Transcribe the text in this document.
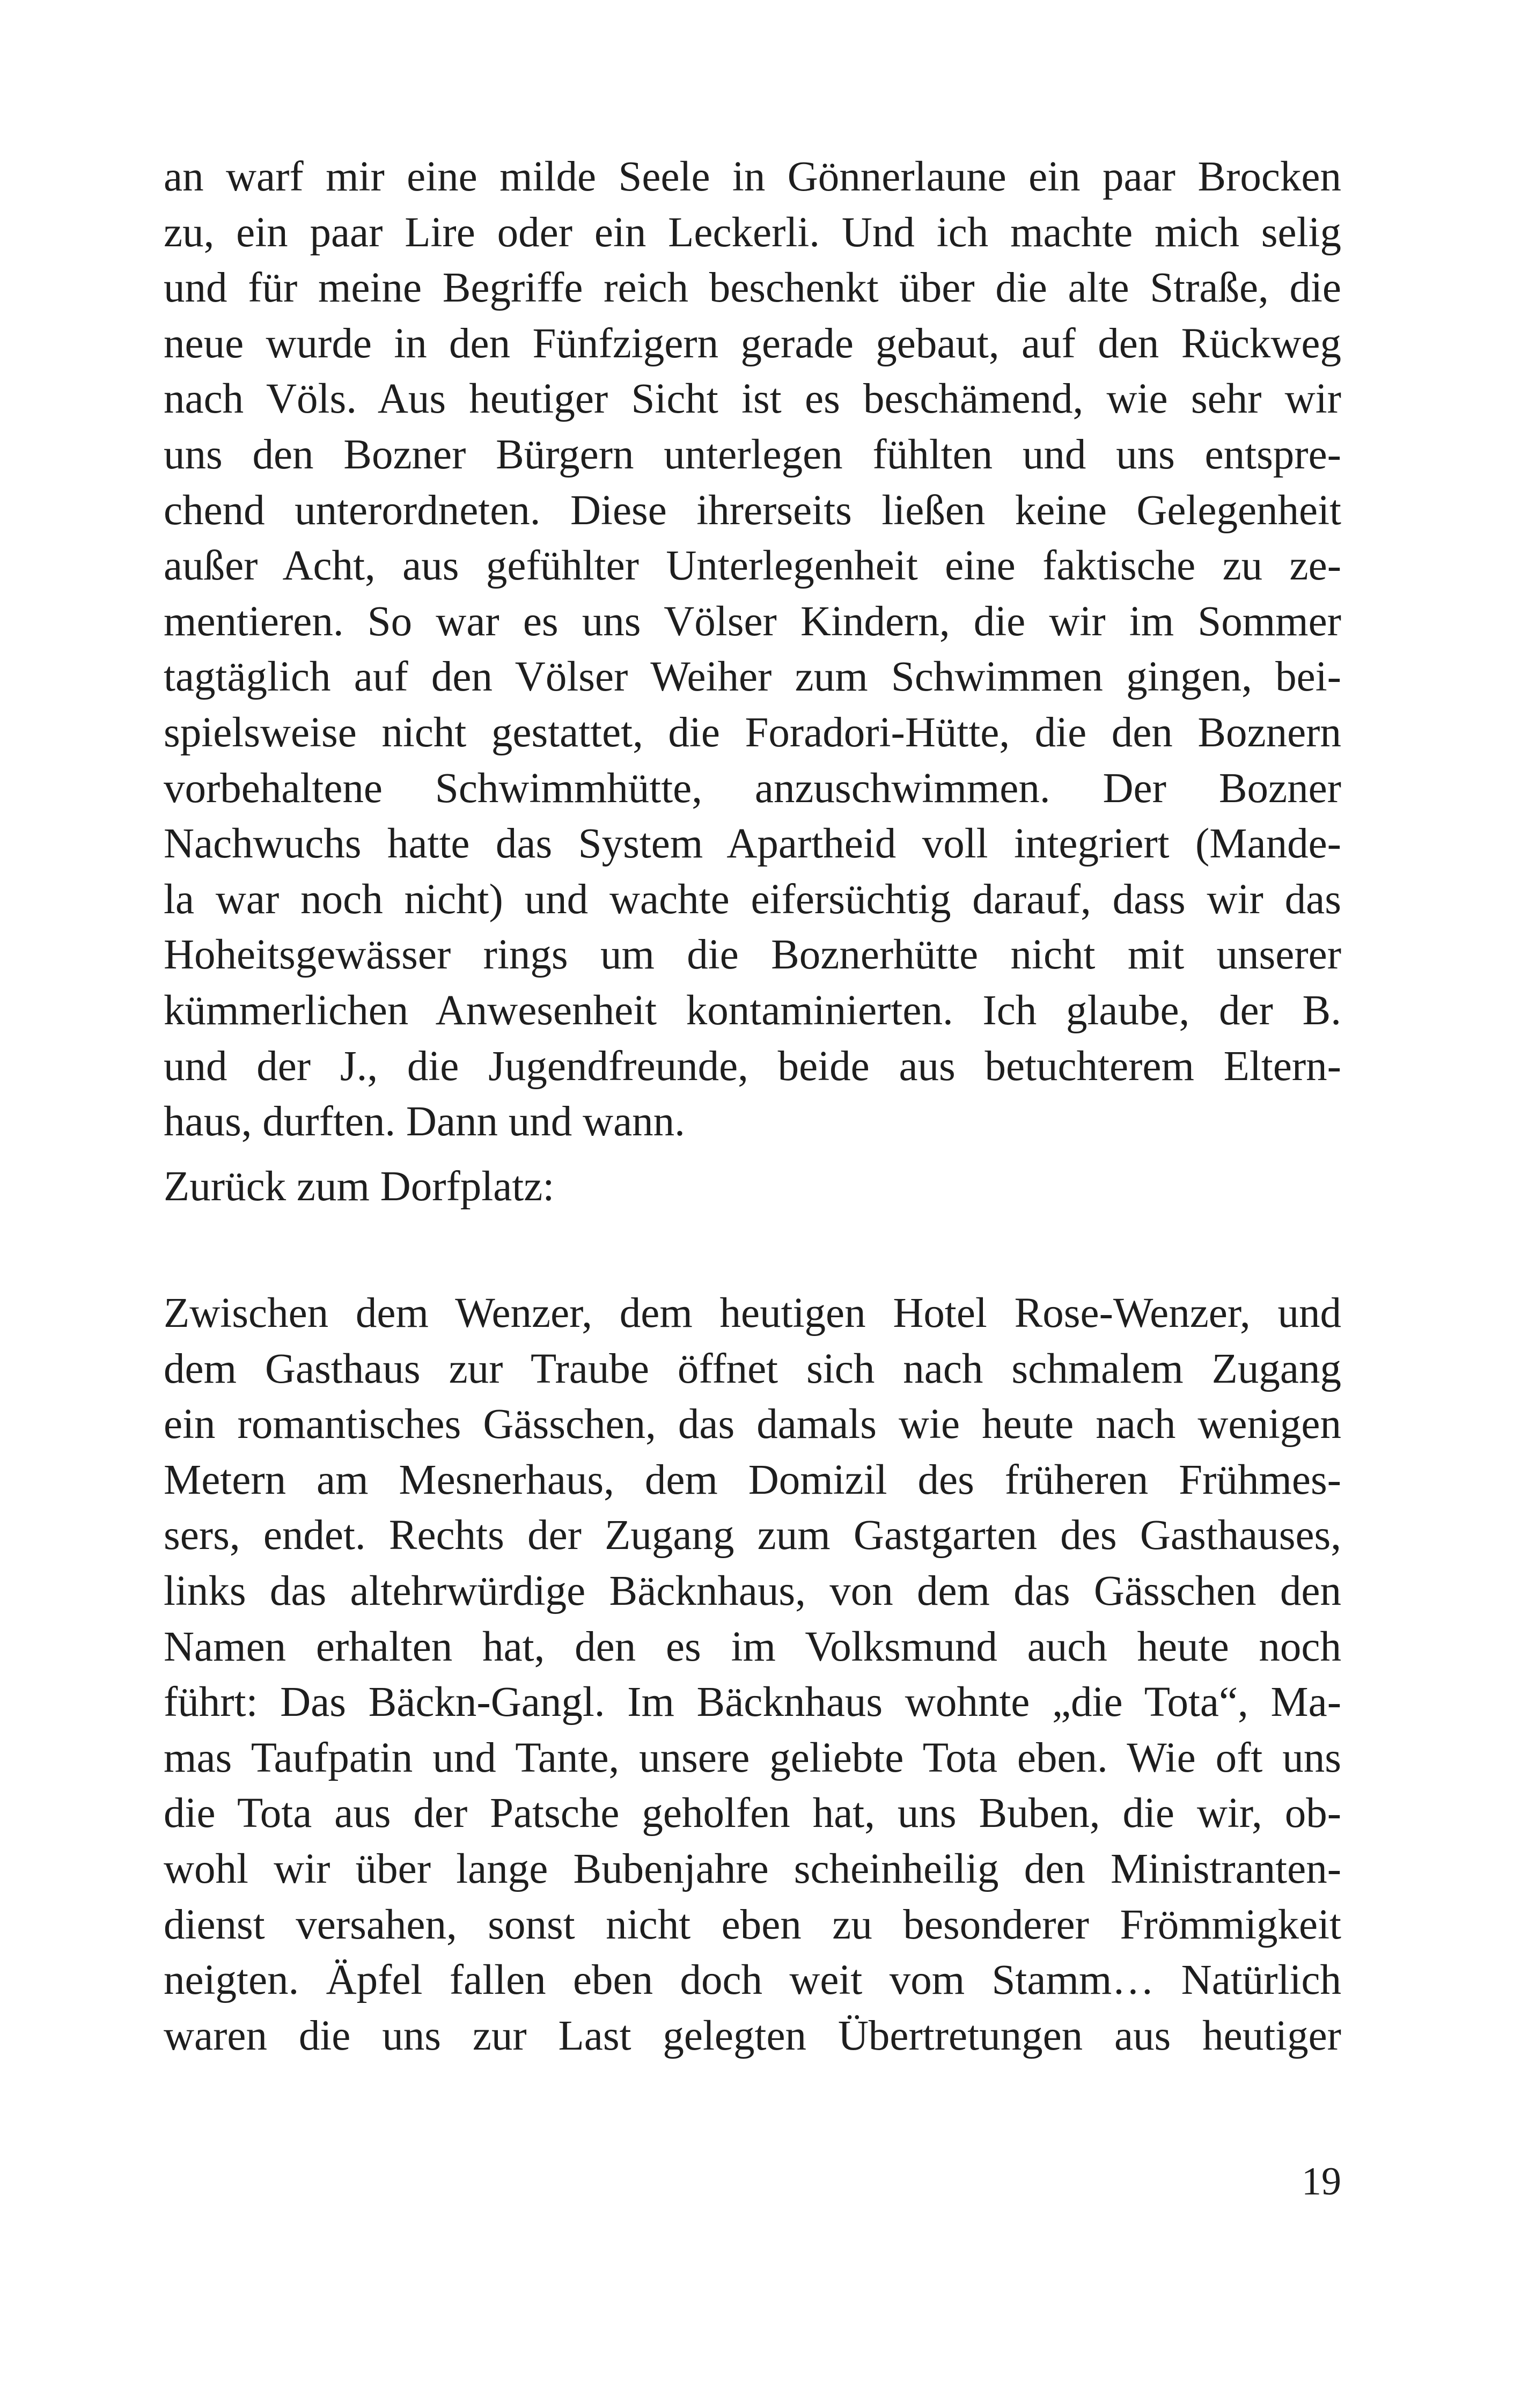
an warf mir eine milde Seele in Gönnerlaune ein paar Brocken
zu, ein paar Lire oder ein Leckerli. Und ich machte mich selig
und für meine Begriffe reich beschenkt über die alte Straße, die
neue wurde in den Fünfzigern gerade gebaut, auf den Rückweg
nach Völs. Aus heutiger Sicht ist es beschämend, wie sehr wir
uns den Bozner Bürgern unterlegen fühlten und uns entspre-
chend unterordneten. Diese ihrerseits ließen keine Gelegenheit
außer Acht, aus gefühlter Unterlegenheit eine faktische zu ze-
mentieren. So war es uns Völser Kindern, die wir im Sommer
tagtäglich auf den Völser Weiher zum Schwimmen gingen, bei-
spielsweise nicht gestattet, die Foradori-Hütte, die den Boznern
vorbehaltene Schwimmhütte, anzuschwimmen. Der Bozner
Nachwuchs hatte das System Apartheid voll integriert (Mande-
la war noch nicht) und wachte eifersüchtig darauf, dass wir das
Hoheitsgewässer rings um die Boznerhütte nicht mit unserer
kümmerlichen Anwesenheit kontaminierten. Ich glaube, der B.
und der J., die Jugendfreunde, beide aus betuchterem Eltern-
haus, durften. Dann und wann.
Zurück zum Dorfplatz:
Zwischen dem Wenzer, dem heutigen Hotel Rose-Wenzer, und
dem Gasthaus zur Traube öffnet sich nach schmalem Zugang
ein romantisches Gässchen, das damals wie heute nach wenigen
Metern am Mesnerhaus, dem Domizil des früheren Frühmes-
sers, endet. Rechts der Zugang zum Gastgarten des Gasthauses,
links das altehrwürdige Bäcknhaus, von dem das Gässchen den
Namen erhalten hat, den es im Volksmund auch heute noch
führt: Das Bäckn-Gangl. Im Bäcknhaus wohnte „die Tota“, Ma-
mas Taufpatin und Tante, unsere geliebte Tota eben. Wie oft uns
die Tota aus der Patsche geholfen hat, uns Buben, die wir, ob-
wohl wir über lange Bubenjahre scheinheilig den Ministranten-
dienst versahen, sonst nicht eben zu besonderer Frömmigkeit
neigten. Äpfel fallen eben doch weit vom Stamm… Natürlich
waren die uns zur Last gelegten Übertretungen aus heutiger
19
